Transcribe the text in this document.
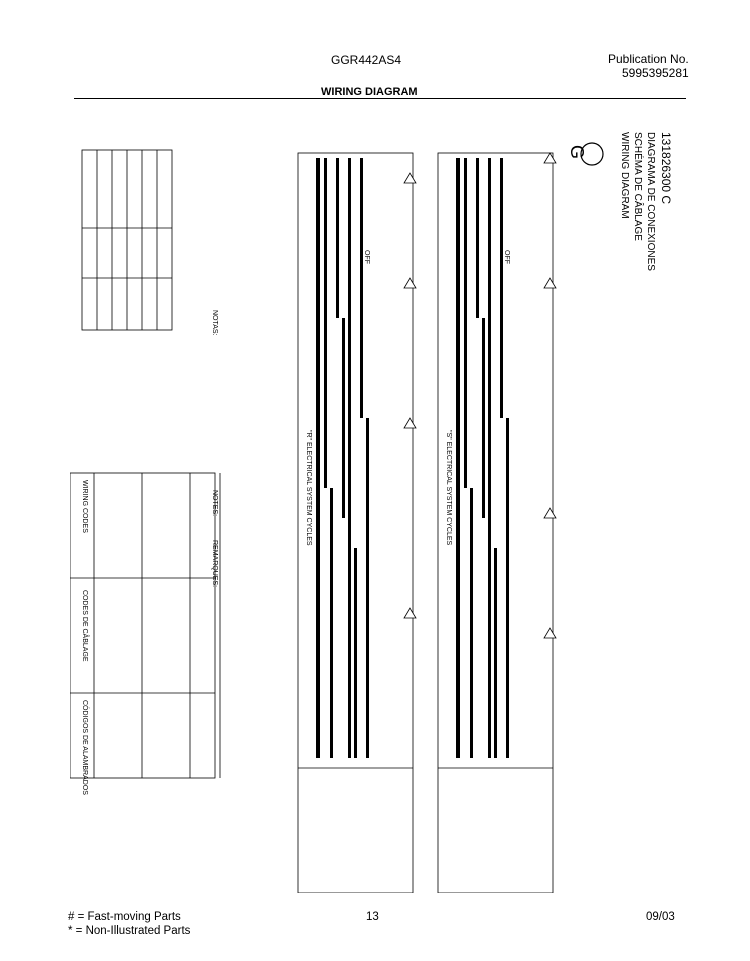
GGR442AS4	Publication No.
5995395281
WIRING DIAGRAM
G	WIRING DIAGRAM SCHÉMA DE CÂBLAGE DIAGRAMA DE CONEXIONES 131826300 C
"R" ELECTRICAL SYSTEM CYCLES	"S" ELECTRICAL SYSTEM CYCLES
WIRING CODES
CODES DE CÂBLAGE
CÓDIGOS DE ALAMBRADOS
NOTES:
REMARQUES:
NOTAS:
OFF	OFF
# = Fast-moving Parts
* = Non-Illustrated Parts
13	09/03
